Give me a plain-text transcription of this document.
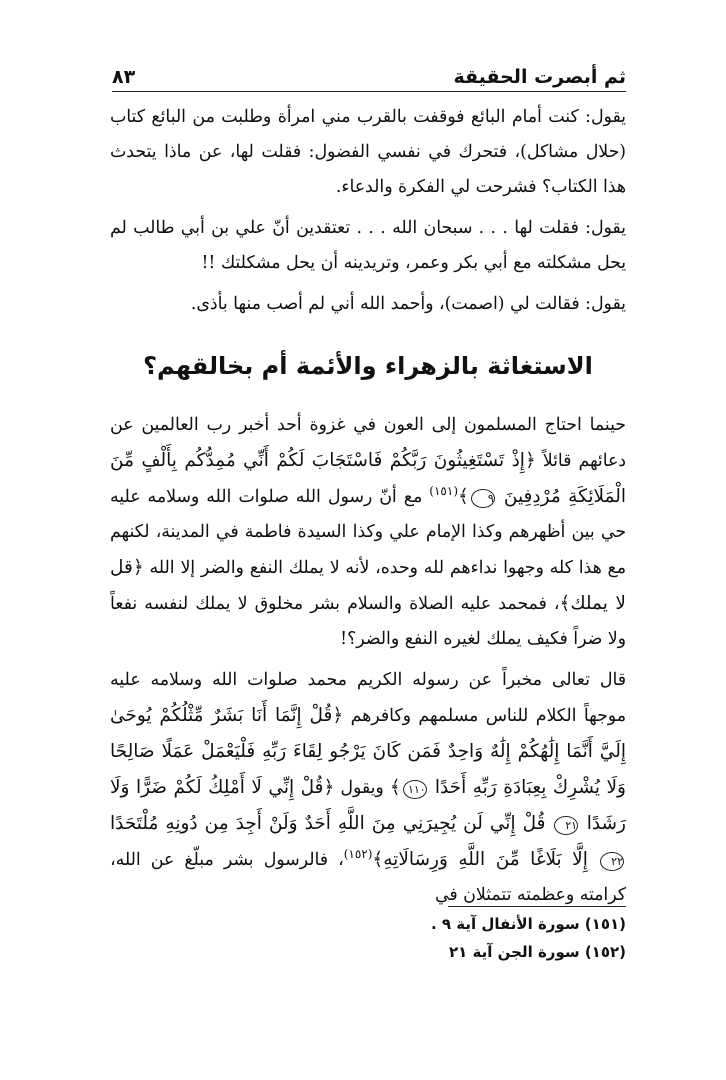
ثم أبصرت الحقيقة
٨٣

يقول: كنت أمام البائع فوقفت بالقرب مني امرأة وطلبت من البائع كتاب (حلال مشاكل)، فتحرك في نفسي الفضول: فقلت لها، عن ماذا يتحدث هذا الكتاب؟ فشرحت لي الفكرة والدعاء.

يقول: فقلت لها . . . سبحان الله . . . تعتقدين أنّ علي بن أبي طالب لم يحل مشكلته مع أبي بكر وعمر، وتريدينه أن يحل مشكلتك !!

يقول: فقالت لي (اصمت)، وأحمد الله أني لم أصب منها بأذى.

الاستغاثة بالزهراء والأئمة أم بخالقهم؟

حينما احتاج المسلمون إلى العون في غزوة أحد أخبر رب العالمين عن دعائهم قائلاً ﴿إِذْ تَسْتَغِيثُونَ رَبَّكُمْ فَاسْتَجَابَ لَكُمْ أَنِّي مُمِدُّكُم بِأَلْفٍ مِّنَ الْمَلَائِكَةِ مُرْدِفِينَ ٩﴾$^{(١٥١)}$ مع أنّ رسول الله صلوات الله وسلامه عليه حي بين أظهرهم وكذا الإمام علي وكذا السيدة فاطمة في المدينة، لكنهم مع هذا كله وجهوا نداءهم لله وحده، لأنه لا يملك النفع والضر إلا الله ﴿قل لا يملك﴾، فمحمد عليه الصلاة والسلام بشر مخلوق لا يملك لنفسه نفعاً ولا ضراً فكيف يملك لغيره النفع والضر؟!

قال تعالى مخبراً عن رسوله الكريم محمد صلوات الله وسلامه عليه موجهاً الكلام للناس مسلمهم وكافرهم ﴿قُلْ إِنَّمَا أَنَا بَشَرٌ مِّثْلُكُمْ يُوحَىٰ إِلَيَّ أَنَّمَا إِلَٰهُكُمْ إِلَٰهٌ وَاحِدٌ فَمَن كَانَ يَرْجُو لِقَاءَ رَبِّهِ فَلْيَعْمَلْ عَمَلًا صَالِحًا وَلَا يُشْرِكْ بِعِبَادَةِ رَبِّهِ أَحَدًا ١١٠﴾ ويقول ﴿قُلْ إِنِّي لَا أَمْلِكُ لَكُمْ ضَرًّا وَلَا رَشَدًا ٢١ قُلْ إِنِّي لَن يُجِيرَنِي مِنَ اللَّهِ أَحَدٌ وَلَنْ أَجِدَ مِن دُونِهِ مُلْتَحَدًا ٢٢ إِلَّا بَلَاغًا مِّنَ اللَّهِ وَرِسَالَاتِهِ﴾$^{(١٥٢)}$، فالرسول بشر مبلّغ عن الله، كرامته وعظمته تتمثلان في

(١٥١) سورة الأنفال آية ٩ .
(١٥٢) سورة الجن آية ٢١
